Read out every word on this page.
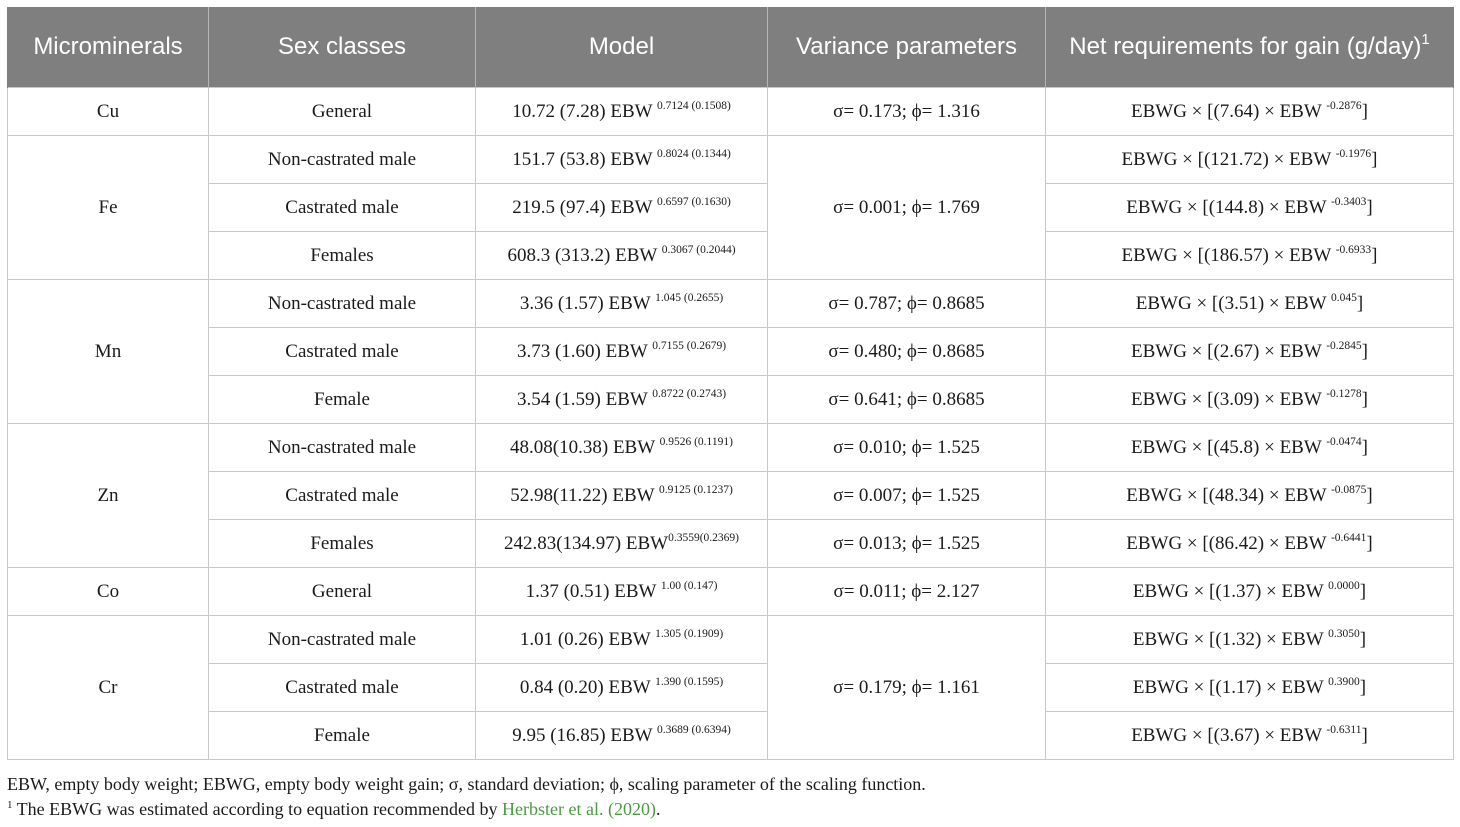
Microminerals	Sex classes	Model	Variance parameters	Net requirements for gain $(g/day)^1$
Cu	General	10.72 (7.28) EBW $^{0.7124 (0.1508)}$	σ= 0.173; ϕ= 1.316	EBWG × [(7.64) × EBW $^{-0.2876}$]
Fe	Non-castrated male	151.7 (53.8) EBW $^{0.8024 (0.1344)}$	σ= 0.001; ϕ= 1.769	EBWG × [(121.72) × EBW $^{-0.1976}$]
	Castrated male	219.5 (97.4) EBW $^{0.6597 (0.1630)}$		EBWG × [(144.8) × EBW $^{-0.3403}$]
	Females	608.3 (313.2) EBW $^{0.3067 (0.2044)}$		EBWG × [(186.57) × EBW $^{-0.6933}$]
Mn	Non-castrated male	3.36 (1.57) EBW $^{1.045 (0.2655)}$	σ= 0.787; ϕ= 0.8685	EBWG × [(3.51) × EBW $^{0.045}$]
	Castrated male	3.73 (1.60) EBW $^{0.7155 (0.2679)}$	σ= 0.480; ϕ= 0.8685	EBWG × [(2.67) × EBW $^{-0.2845}$]
	Female	3.54 (1.59) EBW $^{0.8722 (0.2743)}$	σ= 0.641; ϕ= 0.8685	EBWG × [(3.09) × EBW $^{-0.1278}$]
Zn	Non-castrated male	48.08(10.38) EBW $^{0.9526 (0.1191)}$	σ= 0.010; ϕ= 1.525	EBWG × [(45.8) × EBW $^{-0.0474}$]
	Castrated male	52.98(11.22) EBW $^{0.9125 (0.1237)}$	σ= 0.007; ϕ= 1.525	EBWG × [(48.34) × EBW $^{-0.0875}$]
	Females	242.83(134.97) $EBW^{0.3559(0.2369)}$	σ= 0.013; ϕ= 1.525	EBWG × [(86.42) × EBW $^{-0.6441}$]
Co	General	1.37 (0.51) EBW $^{1.00 (0.147)}$	σ= 0.011; ϕ= 2.127	EBWG × [(1.37) × EBW $^{0.0000}$]
Cr	Non-castrated male	1.01 (0.26) EBW $^{1.305 (0.1909)}$	σ= 0.179; ϕ= 1.161	EBWG × [(1.32) × EBW $^{0.3050}$]
	Castrated male	0.84 (0.20) EBW $^{1.390 (0.1595)}$		EBWG × [(1.17) × EBW $^{0.3900}$]
	Female	9.95 (16.85) EBW $^{0.3689 (0.6394)}$		EBWG × [(3.67) × EBW $^{-0.6311}$]

EBW, empty body weight; EBWG, empty body weight gain; σ, standard deviation; ϕ, scaling parameter of the scaling function.

$^1$ The EBWG was estimated according to equation recommended by Herbster et al. (2020).
